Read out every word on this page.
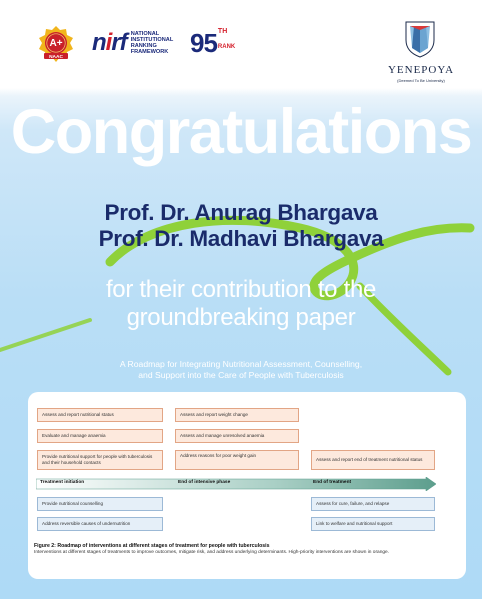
A+
NAAC
nirf NATIONAL INSTITUTIONAL RANKING FRAMEWORK 95 TH
RANK
YENEPOYA
(Deemed To Be University)
Congratulations
Prof. Dr. Anurag Bhargava
Prof. Dr. Madhavi Bhargava
for their contribution to the
groundbreaking paper
A Roadmap for Integrating Nutritional Assessment, Counselling,
and Support into the Care of People with Tuberculosis
Assess and report nutritional status
Evaluate and manage anaemia
Provide nutritional support for people with tuberculosis and their household contacts
Assess and report weight change
Assess and manage unresolved anaemia
Address reasons for poor weight gain
Assess and report end of treatment nutritional status
Treatment initiation	End of intensive phase	End of treatment
Provide nutritional counselling
Address reversible causes of undernutrition
Assess for cure, failure, and relapse
Link to welfare and nutritional support
Figure 2: Roadmap of interventions at different stages of treatment for people with tuberculosis
Interventions at different stages of treatments to improve outcomes, mitigate risk, and address underlying determinants. High-priority interventions are shown in orange.
